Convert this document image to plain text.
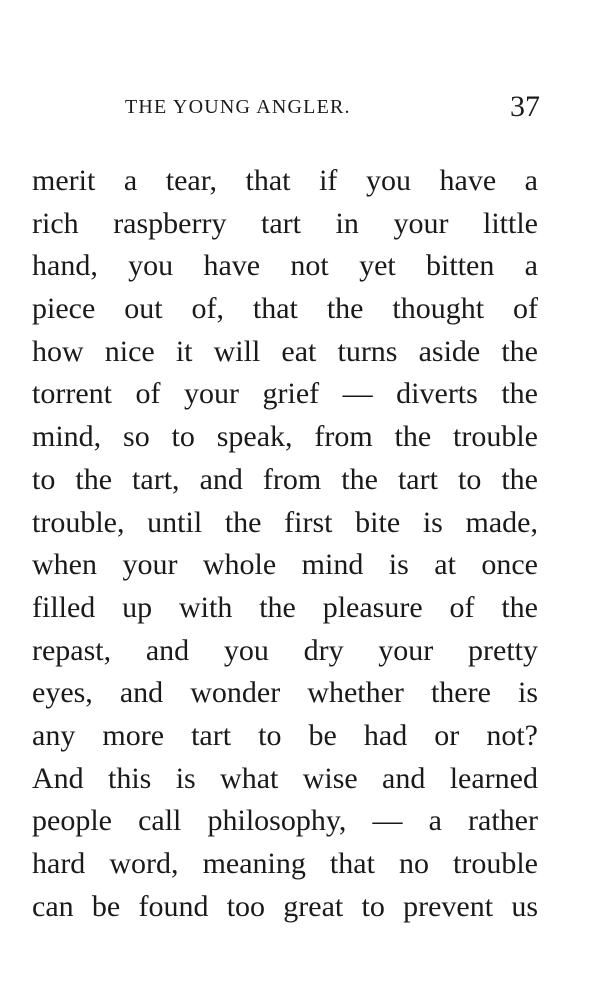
THE YOUNG ANGLER.	37
merit a tear, that if you have a
rich raspberry tart in your little
hand, you have not yet bitten a
piece out of, that the thought of
how nice it will eat turns aside the
torrent of your grief — diverts the
mind, so to speak, from the trouble
to the tart, and from the tart to the
trouble, until the first bite is made,
when your whole mind is at once
filled up with the pleasure of the
repast, and you dry your pretty
eyes, and wonder whether there is
any more tart to be had or not?
And this is what wise and learned
people call philosophy, — a rather
hard word, meaning that no trouble
can be found too great to prevent us
